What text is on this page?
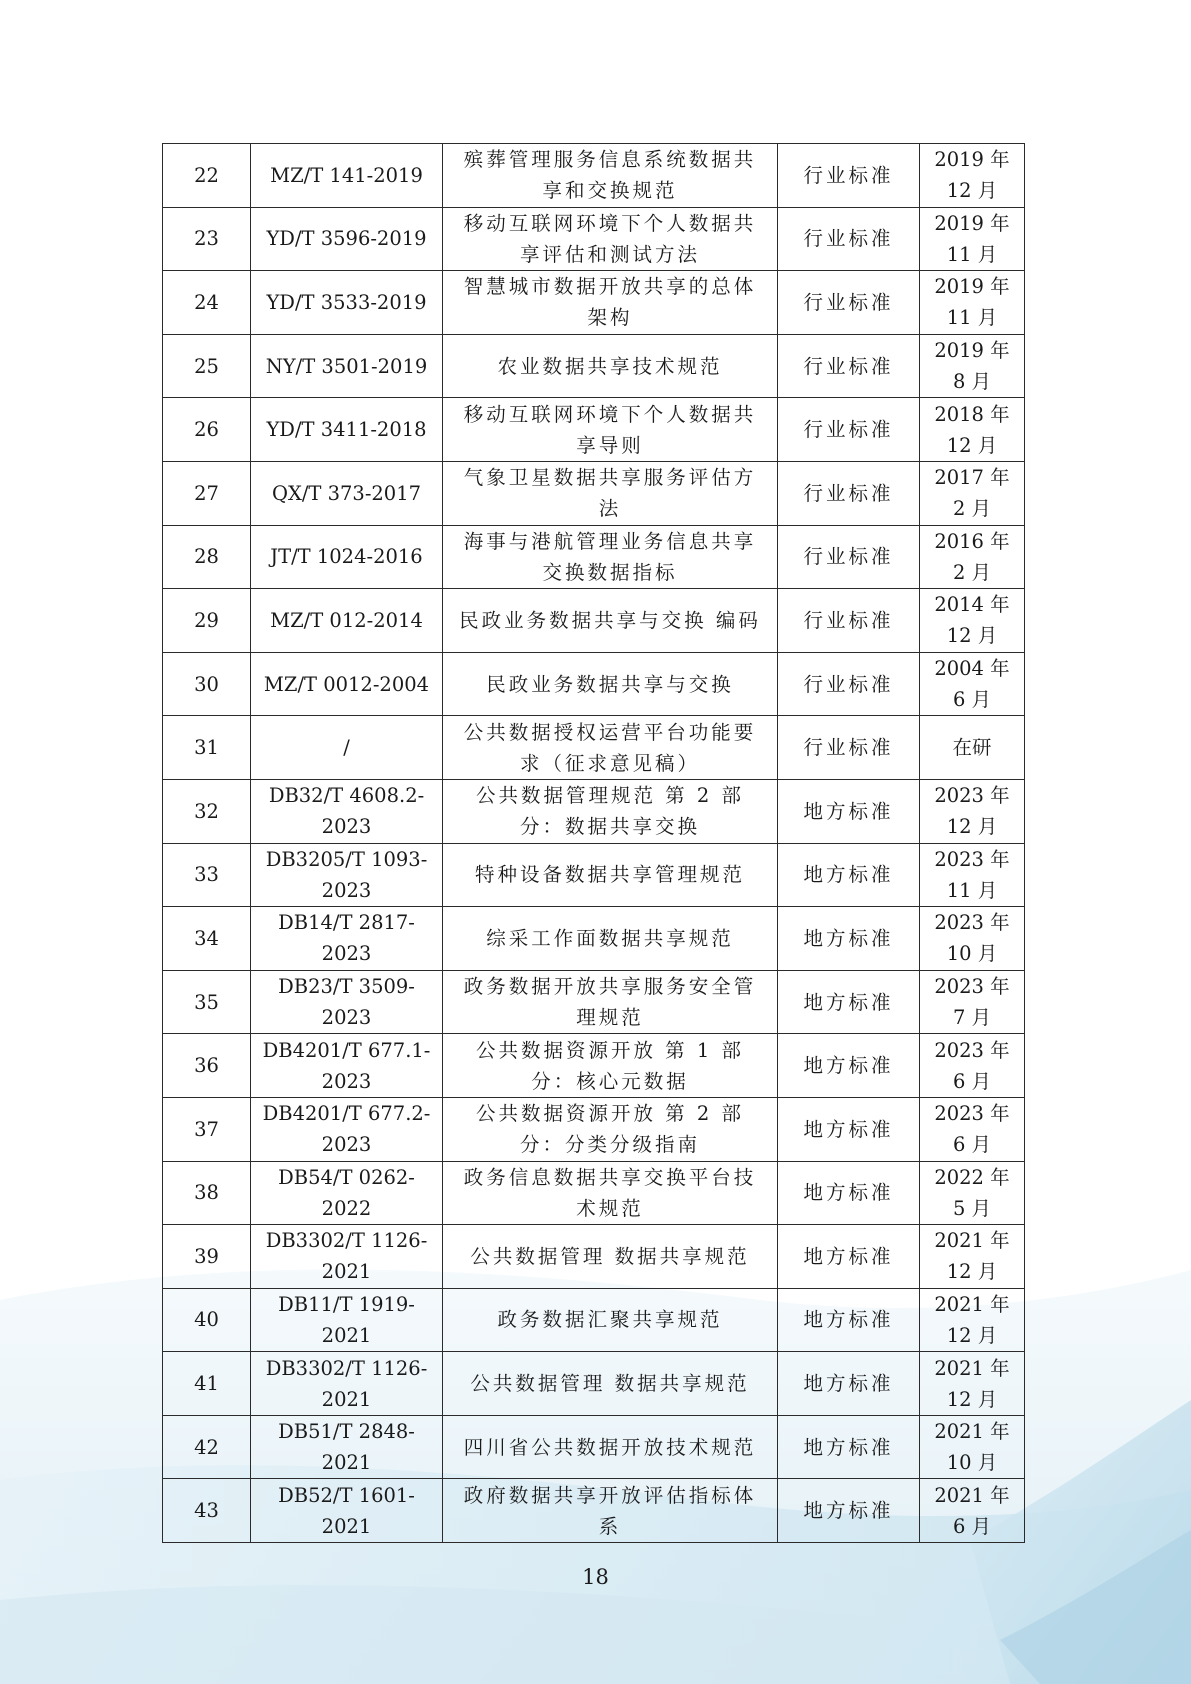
22	MZ/T 141-2019	殡葬管理服务信息系统数据共享和交换规范	行业标准	2019 年 12 月
23	YD/T 3596-2019	移动互联网环境下个人数据共享评估和测试方法	行业标准	2019 年 11 月
24	YD/T 3533-2019	智慧城市数据开放共享的总体架构	行业标准	2019 年 11 月
25	NY/T 3501-2019	农业数据共享技术规范	行业标准	2019 年 8 月
26	YD/T 3411-2018	移动互联网环境下个人数据共享导则	行业标准	2018 年 12 月
27	QX/T 373-2017	气象卫星数据共享服务评估方法	行业标准	2017 年 2 月
28	JT/T 1024-2016	海事与港航管理业务信息共享交换数据指标	行业标准	2016 年 2 月
29	MZ/T 012-2014	民政业务数据共享与交换 编码	行业标准	2014 年 12 月
30	MZ/T 0012-2004	民政业务数据共享与交换	行业标准	2004 年 6 月
31	/	公共数据授权运营平台功能要求（征求意见稿）	行业标准	在研
32	DB32/T 4608.2-2023	公共数据管理规范 第 2 部分：数据共享交换	地方标准	2023 年 12 月
33	DB3205/T 1093-2023	特种设备数据共享管理规范	地方标准	2023 年 11 月
34	DB14/T 2817-2023	综采工作面数据共享规范	地方标准	2023 年 10 月
35	DB23/T 3509-2023	政务数据开放共享服务安全管理规范	地方标准	2023 年 7 月
36	DB4201/T 677.1-2023	公共数据资源开放 第 1 部分：核心元数据	地方标准	2023 年 6 月
37	DB4201/T 677.2-2023	公共数据资源开放 第 2 部分：分类分级指南	地方标准	2023 年 6 月
38	DB54/T 0262-2022	政务信息数据共享交换平台技术规范	地方标准	2022 年 5 月
39	DB3302/T 1126-2021	公共数据管理 数据共享规范	地方标准	2021 年 12 月
40	DB11/T 1919-2021	政务数据汇聚共享规范	地方标准	2021 年 12 月
41	DB3302/T 1126-2021	公共数据管理 数据共享规范	地方标准	2021 年 12 月
42	DB51/T 2848-2021	四川省公共数据开放技术规范	地方标准	2021 年 10 月
43	DB52/T 1601-2021	政府数据共享开放评估指标体系	地方标准	2021 年 6 月
18
